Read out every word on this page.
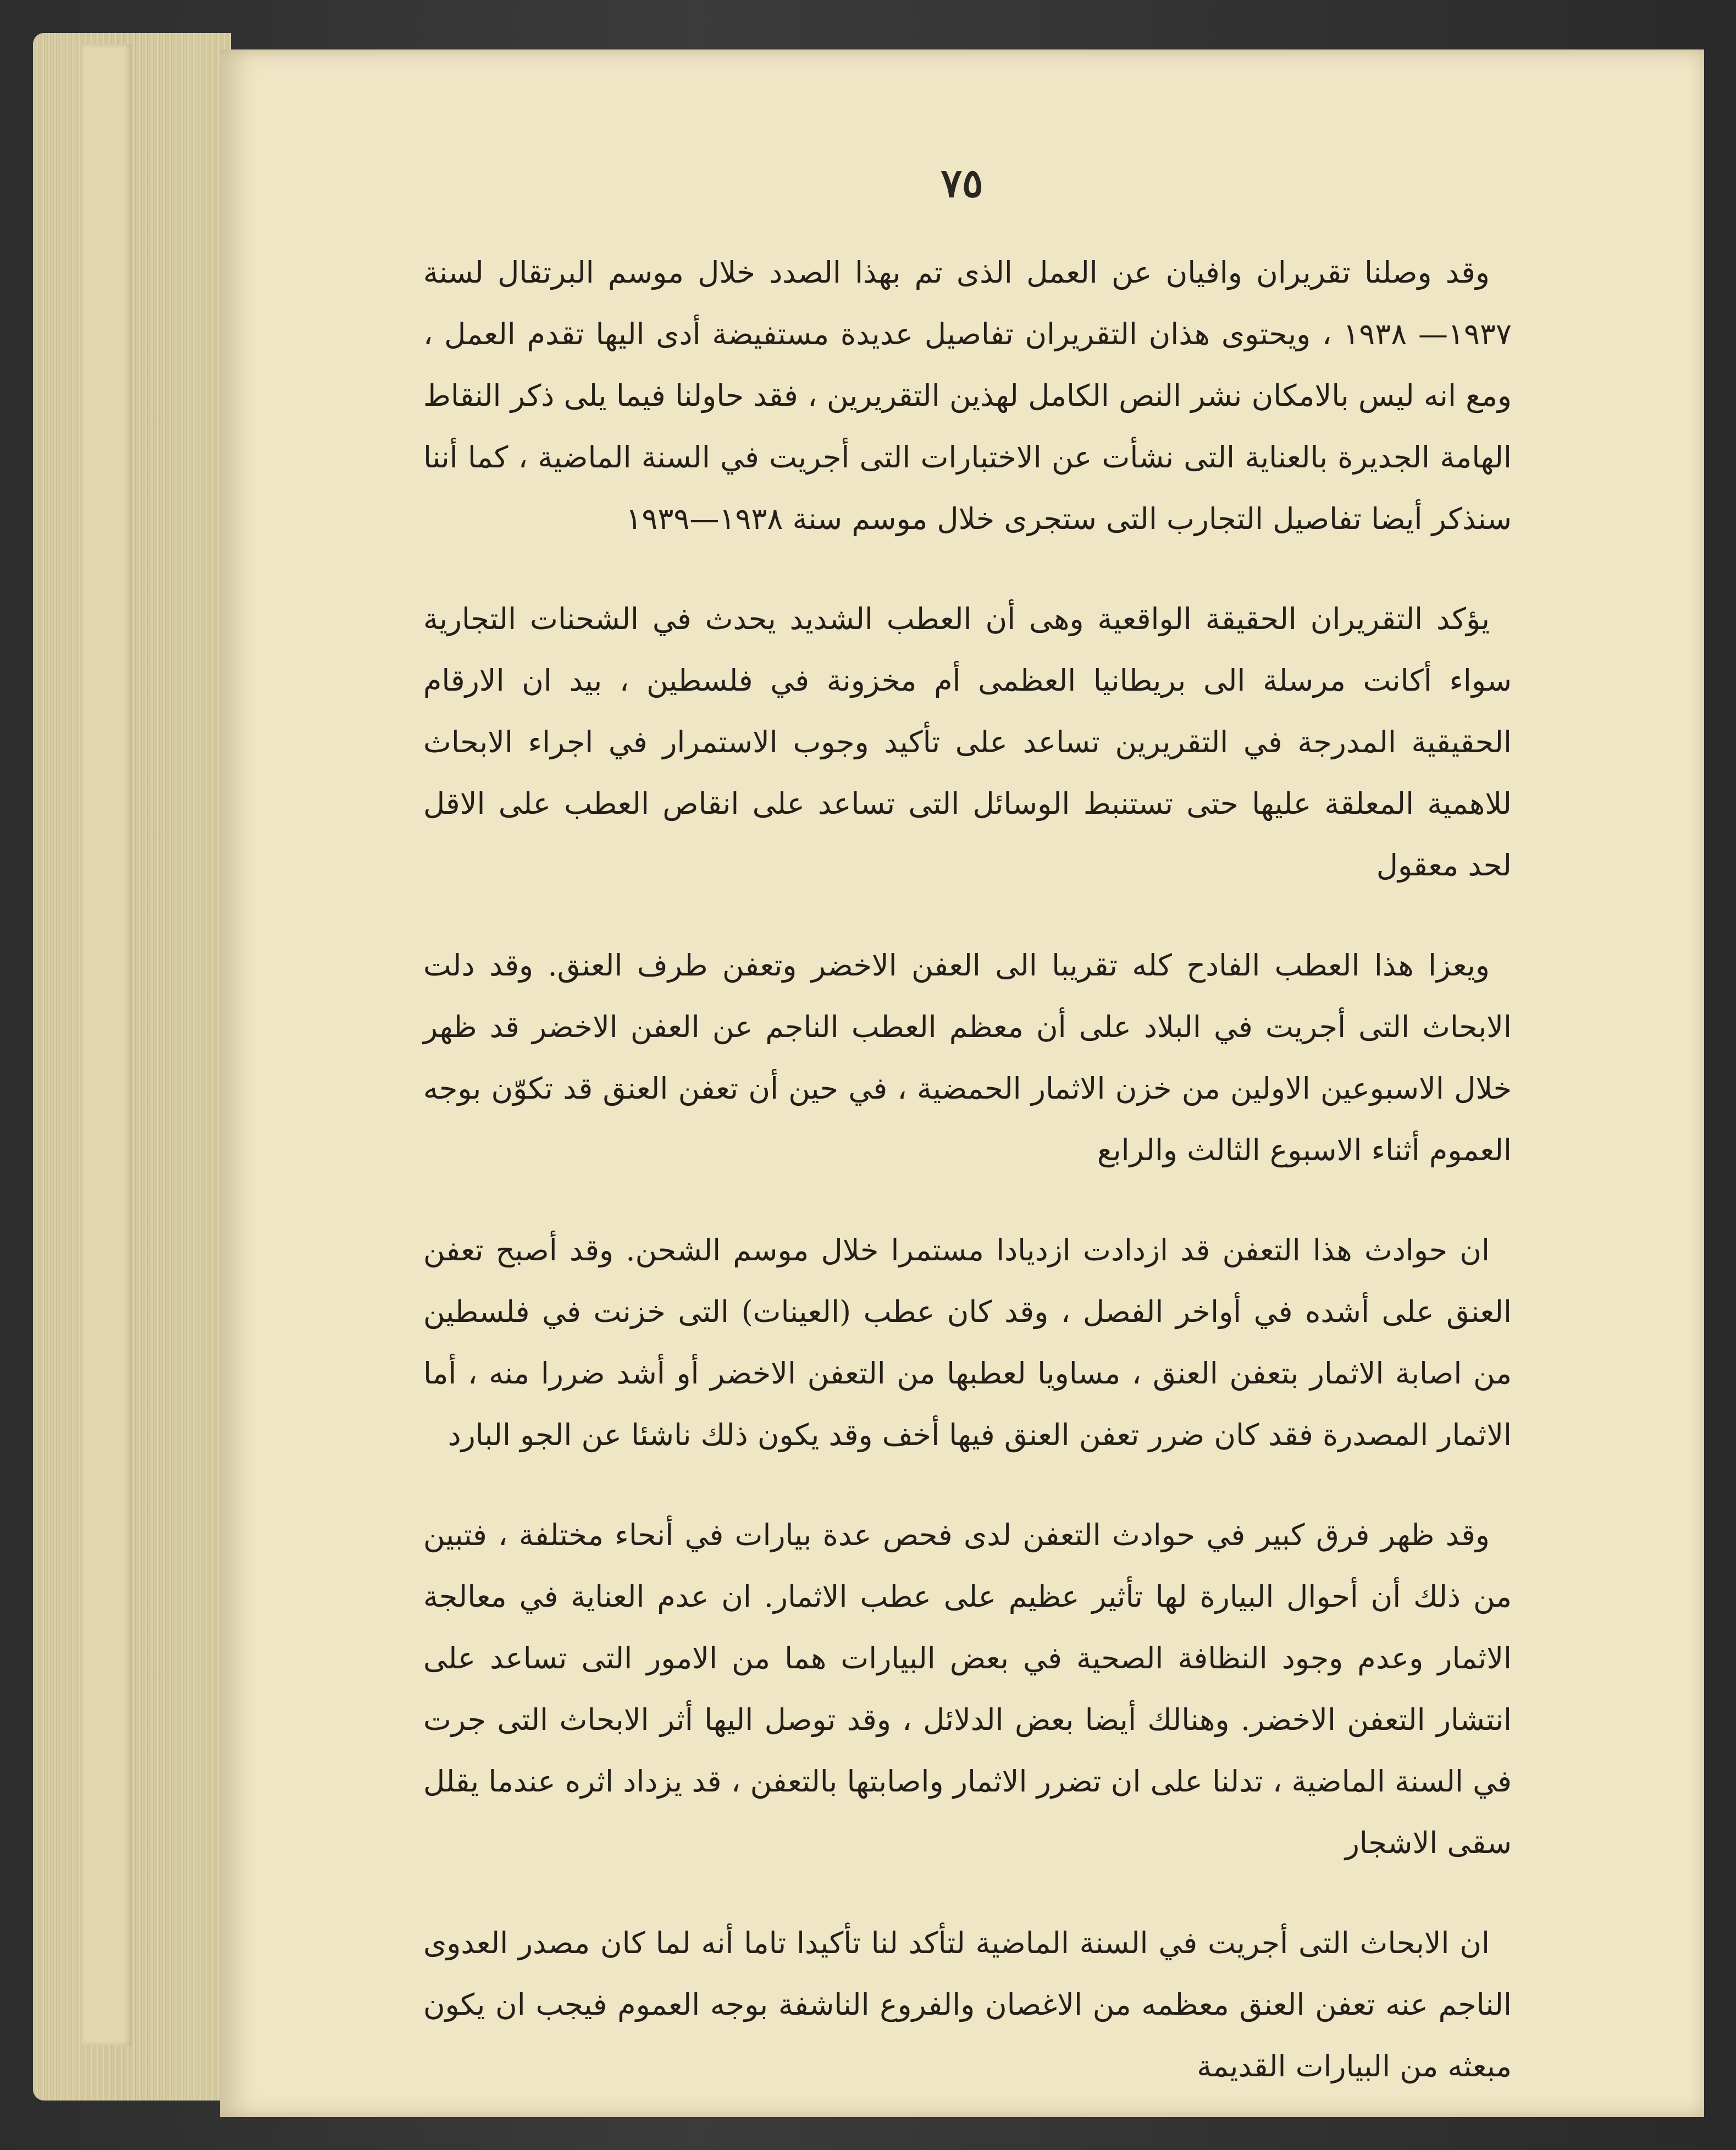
٧٥

وقد وصلنا تقريران وافيان عن العمل الذى تم بهذا الصدد خلال موسم البرتقال لسنة ١٩٣٧— ١٩٣٨ ، ويحتوى هذان التقريران تفاصيل عديدة مستفيضة أدى اليها تقدم العمل ، ومع انه ليس بالامكان نشر النص الكامل لهذين التقريرين ، فقد حاولنا فيما يلى ذكر النقاط الهامة الجديرة بالعناية التى نشأت عن الاختبارات التى أجريت في السنة الماضية ، كما أننا سنذكر أيضا تفاصيل التجارب التى ستجرى خلال موسم سنة ١٩٣٨—١٩٣٩

يؤكد التقريران الحقيقة الواقعية وهى أن العطب الشديد يحدث في الشحنات التجارية سواء أكانت مرسلة الى بريطانيا العظمى أم مخزونة في فلسطين ، بيد ان الارقام الحقيقية المدرجة في التقريرين تساعد على تأكيد وجوب الاستمرار في اجراء الابحاث للاهمية المعلقة عليها حتى تستنبط الوسائل التى تساعد على انقاص العطب على الاقل لحد معقول

ويعزا هذا العطب الفادح كله تقريبا الى العفن الاخضر وتعفن طرف العنق. وقد دلت الابحاث التى أجريت في البلاد على أن معظم العطب الناجم عن العفن الاخضر قد ظهر خلال الاسبوعين الاولين من خزن الاثمار الحمضية ، في حين أن تعفن العنق قد تكوّن بوجه العموم أثناء الاسبوع الثالث والرابع

ان حوادث هذا التعفن قد ازدادت ازديادا مستمرا خلال موسم الشحن. وقد أصبح تعفن العنق على أشده في أواخر الفصل ، وقد كان عطب (العينات) التى خزنت في فلسطين من اصابة الاثمار بتعفن العنق ، مساويا لعطبها من التعفن الاخضر أو أشد ضررا منه ، أما الاثمار المصدرة فقد كان ضرر تعفن العنق فيها أخف وقد يكون ذلك ناشئا عن الجو البارد

وقد ظهر فرق كبير في حوادث التعفن لدى فحص عدة بيارات في أنحاء مختلفة ، فتبين من ذلك أن أحوال البيارة لها تأثير عظيم على عطب الاثمار. ان عدم العناية في معالجة الاثمار وعدم وجود النظافة الصحية في بعض البيارات هما من الامور التى تساعد على انتشار التعفن الاخضر. وهنالك أيضا بعض الدلائل ، وقد توصل اليها أثر الابحاث التى جرت في السنة الماضية ، تدلنا على ان تضرر الاثمار واصابتها بالتعفن ، قد يزداد اثره عندما يقلل سقى الاشجار

ان الابحاث التى أجريت في السنة الماضية لتأكد لنا تأكيدا تاما أنه لما كان مصدر العدوى الناجم عنه تعفن العنق معظمه من الاغصان والفروع الناشفة بوجه العموم فيجب ان يكون مبعثه من البيارات القديمة
